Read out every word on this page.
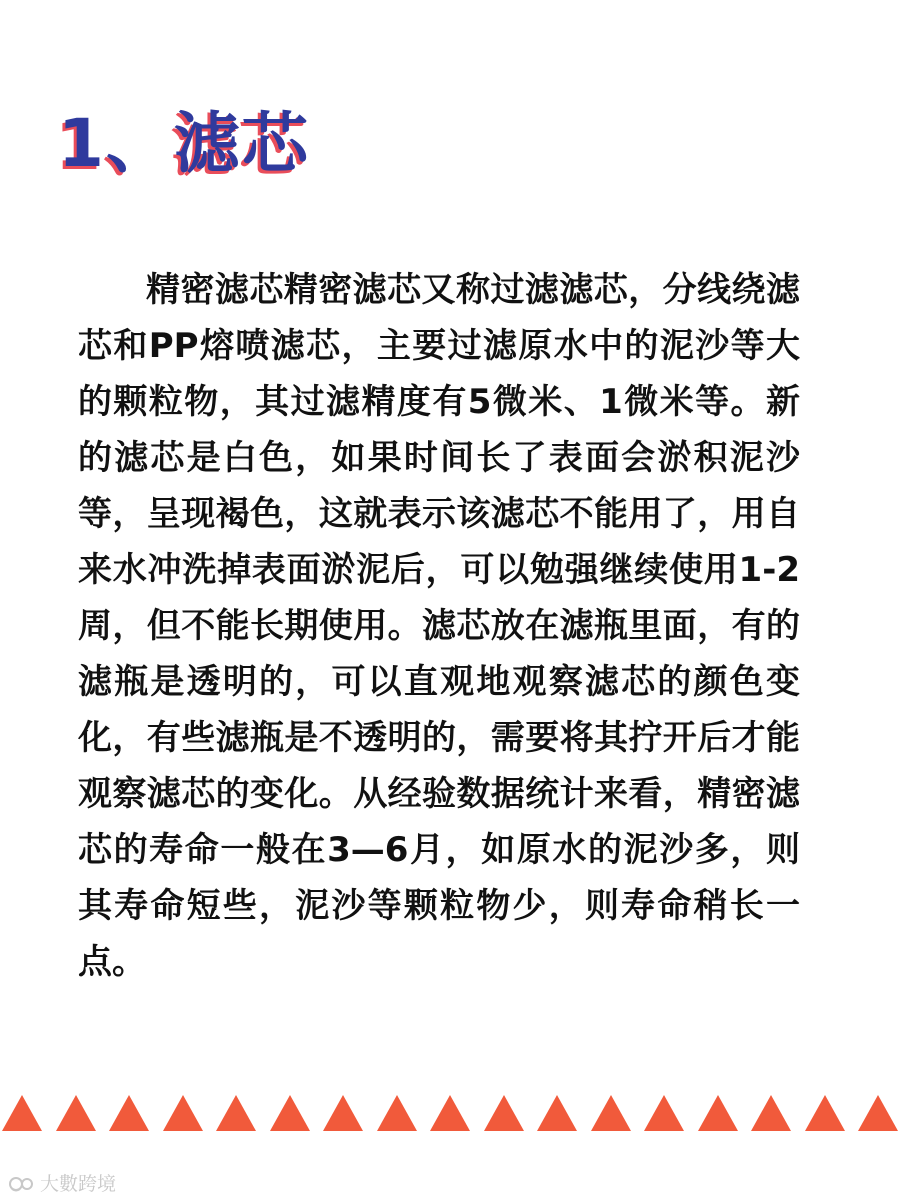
1、滤芯

精密滤芯精密滤芯又称过滤滤芯，分线绕滤芯和PP熔喷滤芯，主要过滤原水中的泥沙等大的颗粒物，其过滤精度有5微米、1微米等。新的滤芯是白色，如果时间长了表面会淤积泥沙等，呈现褐色，这就表示该滤芯不能用了，用自来水冲洗掉表面淤泥后，可以勉强继续使用1-2周，但不能长期使用。滤芯放在滤瓶里面，有的滤瓶是透明的，可以直观地观察滤芯的颜色变化，有些滤瓶是不透明的，需要将其拧开后才能观察滤芯的变化。从经验数据统计来看，精密滤芯的寿命一般在3—6月，如原水的泥沙多，则其寿命短些，泥沙等颗粒物少，则寿命稍长一点。

大數跨境
